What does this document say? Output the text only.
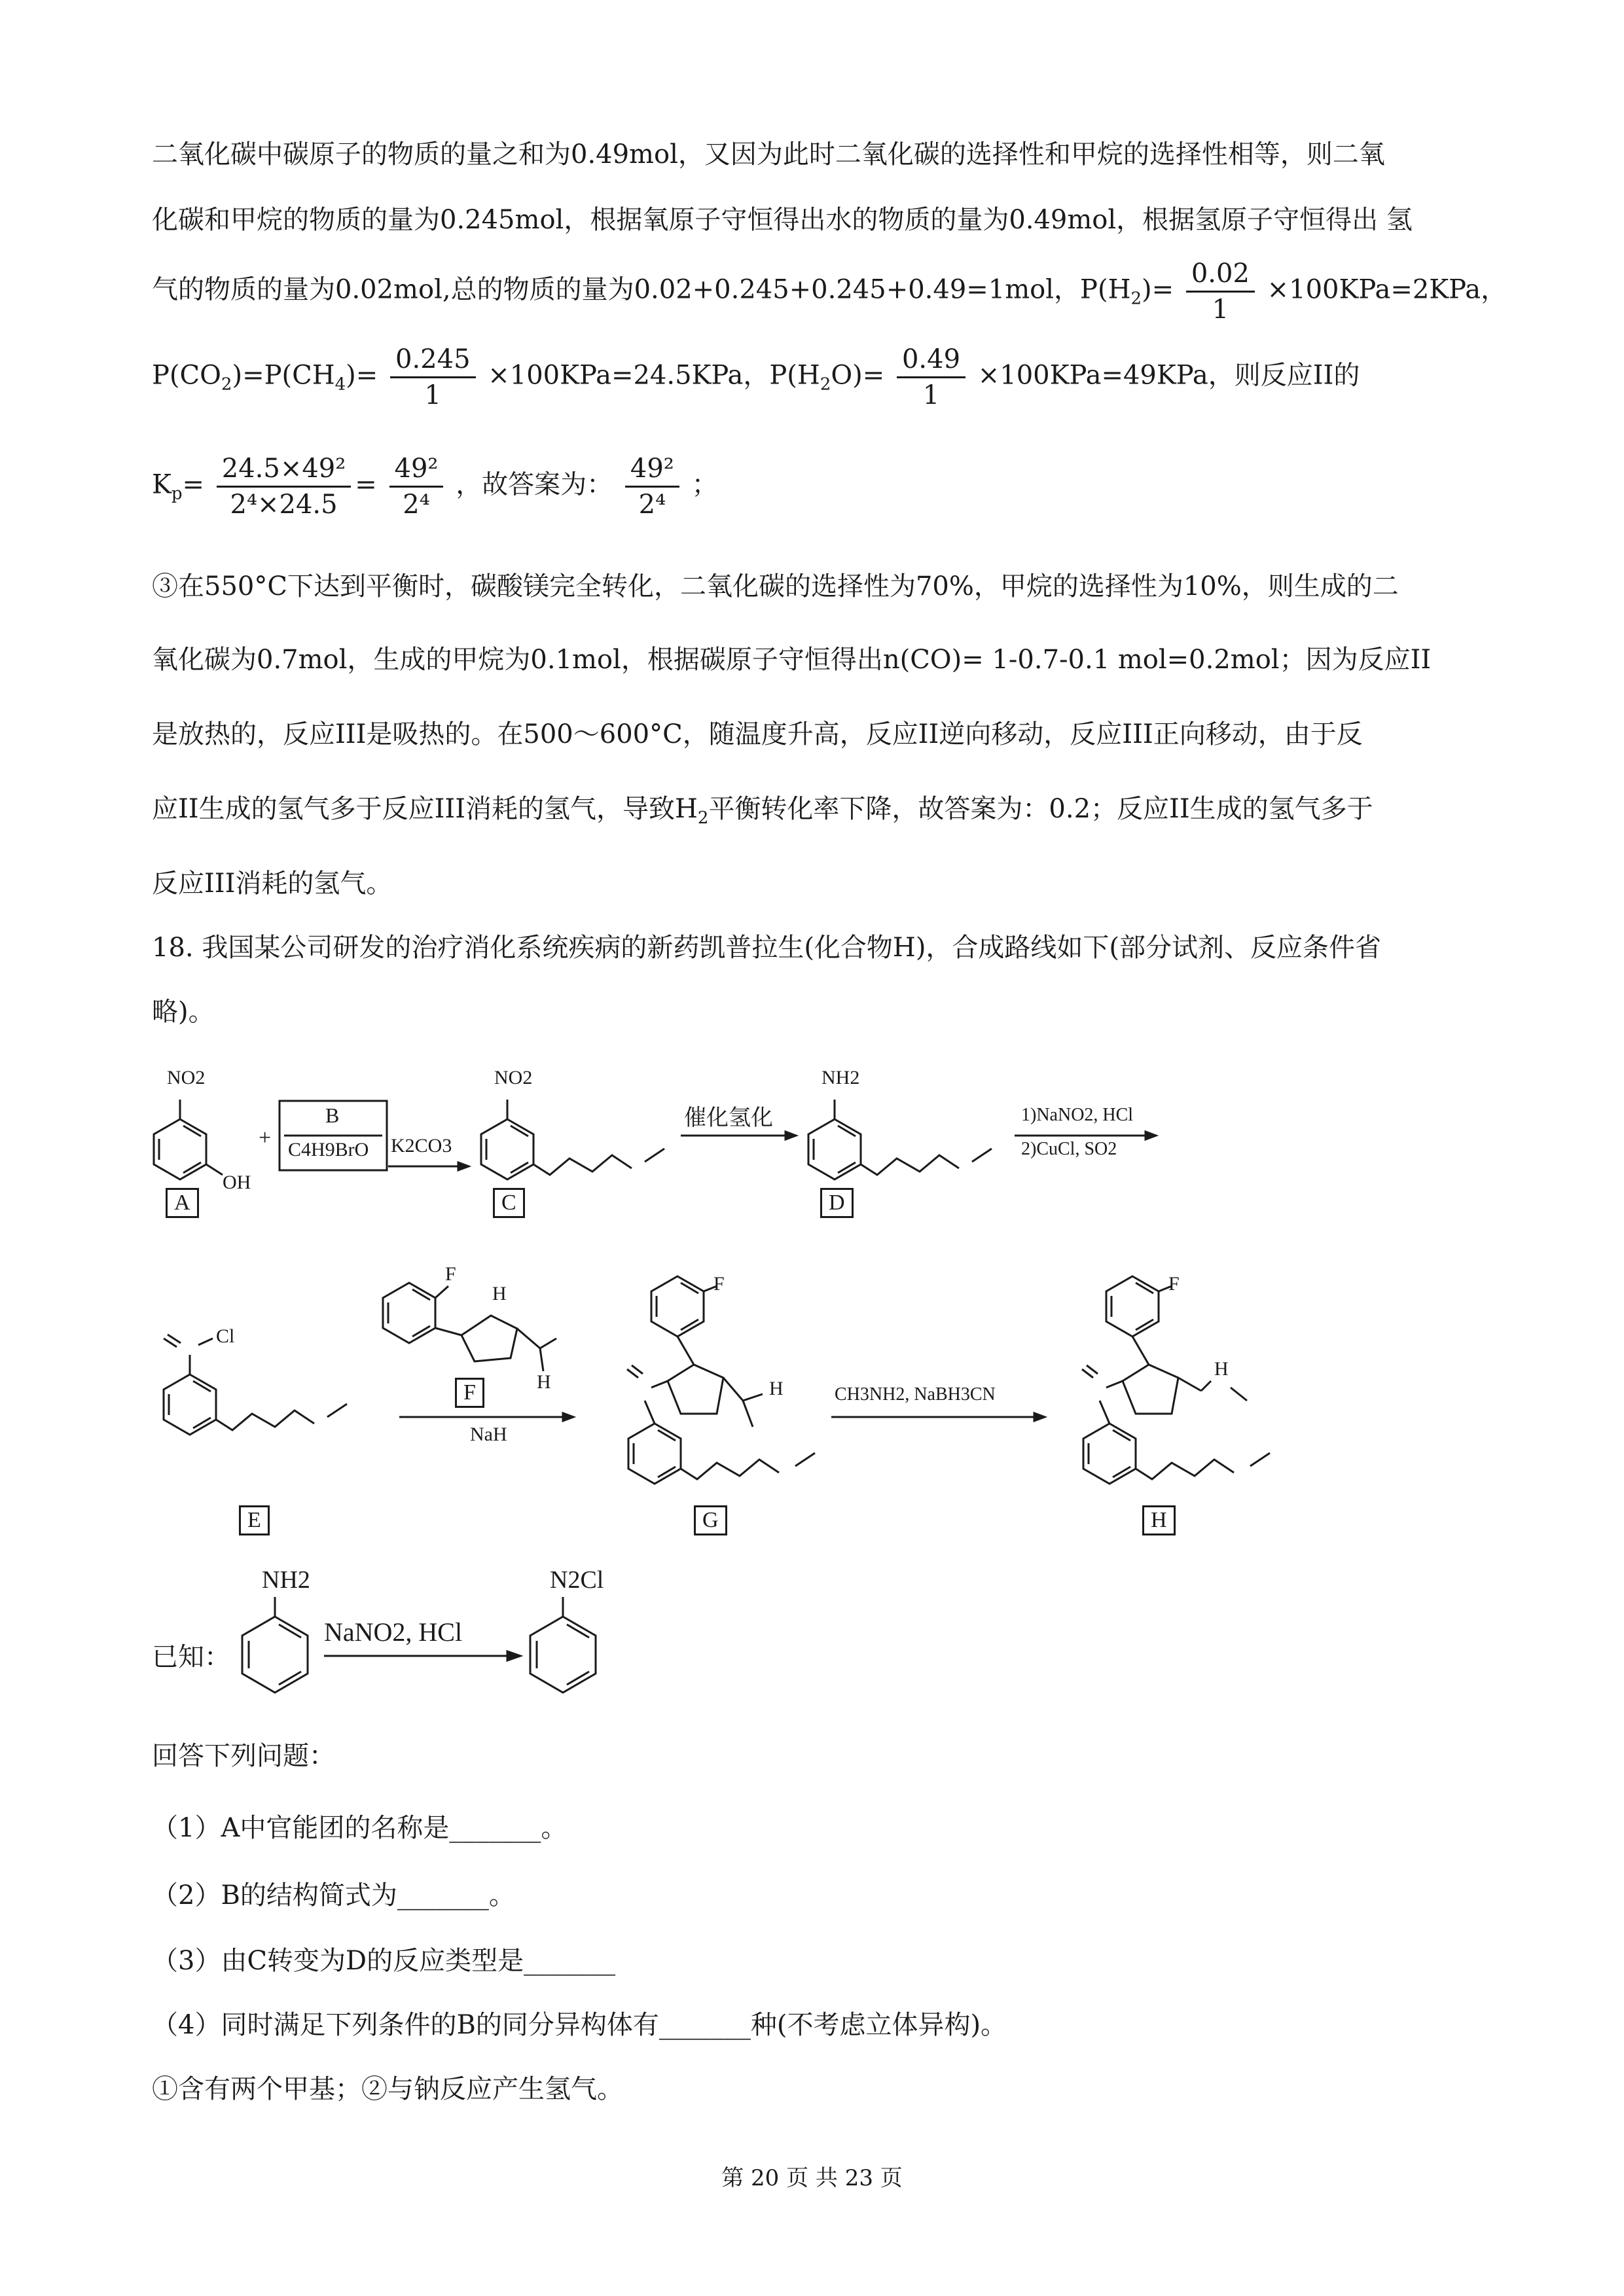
二氧化碳中碳原子的物质的量之和为0.49mol，又因为此时二氧化碳的选择性和甲烷的选择性相等，则二氧
化碳和甲烷的物质的量为0.245mol，根据氧原子守恒得出水的物质的量为0.49mol，根据氢原子守恒得出 氢
气的物质的量为0.02mol,总的物质的量为0.02+0.245+0.245+0.49=1mol，$P(H_2)= \frac{0.02}{1} \times 100KPa=2KPa$，
$P(CO_2)=P(CH_4)= \frac{0.245}{1} \times 100KPa=24.5KPa$，$P(H_2O)= \frac{0.49}{1} \times 100KPa=49KPa$，则反应II的
$K_p= \frac{\text{24.5×49²}}{\text{2⁴×24.5}} = \frac{\text{49²}}{\text{2⁴}}$ ，故答案为： $\frac{\text{49²}}{\text{2⁴}}$ ；
③在550°C下达到平衡时，碳酸镁完全转化，二氧化碳的选择性为70%，甲烷的选择性为10%，则生成的二
氧化碳为0.7mol，生成的甲烷为0.1mol，根据碳原子守恒得出n(CO)= 1-0.7-0.1 mol=0.2mol；因为反应II
是放热的，反应III是吸热的。在500～600°C，随温度升高，反应II逆向移动，反应III正向移动，由于反
应II生成的氢气多于反应III消耗的氢气，导致$H_2$平衡转化率下降，故答案为：0.2；反应II生成的氢气多于
反应III消耗的氢气。
18. 我国某公司研发的治疗消化系统疾病的新药凯普拉生(化合物H)，合成路线如下(部分试剂、反应条件省
略)。
NO2
OH
+
B
C4H9BrO K2CO3
NO2
催化氢化
NH2
1)NaNO2, HCl
2)CuCl, SO2
Cl
F
H
H
NaH
F
H	CH3NH2, NaBH3CN
F
H
A	C	D
E
F
G	H
已知：
NH2
NaNO2, HCl
N2Cl
回答下列问题：
（1）A中官能团的名称是_______。
（2）B的结构简式为_______。
（3）由C转变为D的反应类型是_______
（4）同时满足下列条件的B的同分异构体有_______种(不考虑立体异构)。
①含有两个甲基；②与钠反应产生氢气。
第 20 页 共 23 页
